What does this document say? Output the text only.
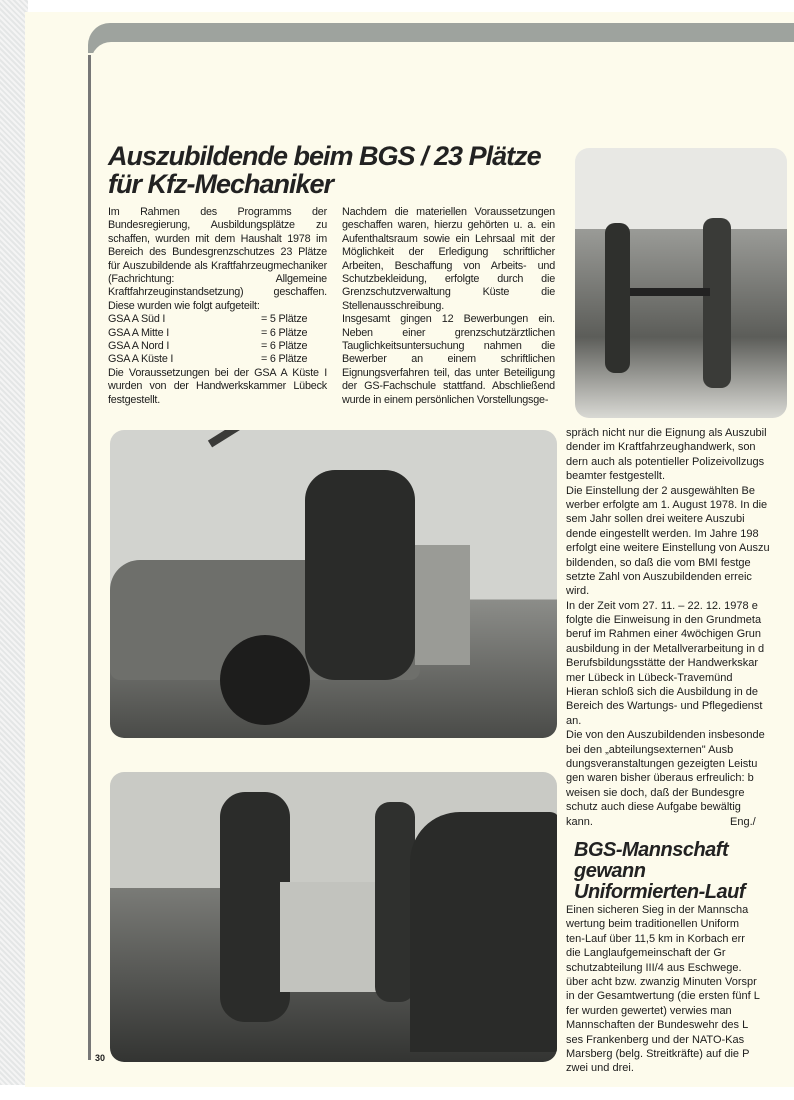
30
Auszubildende beim BGS / 23 Plätze für Kfz-Mechaniker

Im Rahmen des Programms der Bundesregierung, Ausbildungsplätze zu schaffen, wurden mit dem Haushalt 1978 im Bereich des Bundesgrenzschutzes 23 Plätze für Auszubildende als Kraftfahrzeugmechaniker (Fachrichtung: Allgemeine Kraftfahrzeuginstandsetzung) geschaffen. Diese wurden wie folgt aufgeteilt:

GSA A Süd I	= 5 Plätze
GSA A Mitte I	= 6 Plätze
GSA A Nord I	= 6 Plätze
GSA A Küste I	= 6 Plätze

Die Voraussetzungen bei der GSA A Küste I wurden von der Handwerkskammer Lübeck festgestellt.

Nachdem die materiellen Voraussetzungen geschaffen waren, hierzu gehörten u. a. ein Aufenthaltsraum sowie ein Lehrsaal mit der Möglichkeit der Erledigung schriftlicher Arbeiten, Beschaffung von Arbeits- und Schutzbekleidung, erfolgte durch die Grenzschutzverwaltung Küste die Stellenausschreibung.

Insgesamt gingen 12 Bewerbungen ein. Neben einer grenzschutzärztlichen Tauglichkeitsuntersuchung nahmen die Bewerber an einem schriftlichen Eignungsverfahren teil, das unter Beteiligung der GS-Fachschule stattfand. Abschließend wurde in einem persönlichen Vorstellungsge-

spräch nicht nur die Eignung als Auszubil
dender im Kraftfahrzeughandwerk, son
dern auch als potentieller Polizeivollzugs
beamter festgestellt.
Die Einstellung der 2 ausgewählten Be
werber erfolgte am 1. August 1978. In die
sem Jahr sollen drei weitere Auszubi
dende eingestellt werden. Im Jahre 198
erfolgt eine weitere Einstellung von Auszu
bildenden, so daß die vom BMI festge
setzte Zahl von Auszubildenden erreic
wird.
In der Zeit vom 27. 11. – 22. 12. 1978 e
folgte die Einweisung in den Grundmeta
beruf im Rahmen einer 4wöchigen Grun
ausbildung in der Metallverarbeitung in d
Berufsbildungsstätte der Handwerkskar
mer Lübeck in Lübeck-Travemünd
Hieran schloß sich die Ausbildung in de
Bereich des Wartungs- und Pflegedienst
an.
Die von den Auszubildenden insbesonde
bei den „abteilungsexternen" Ausb
dungsveranstaltungen gezeigten Leistu
gen waren bisher überaus erfreulich: b
weisen sie doch, daß der Bundesgre
schutz auch diese Aufgabe bewältig
kann.	Eng./
BGS-Mannschaft
gewann
Uniformierten-Lauf
Einen sicheren Sieg in der Mannscha
wertung beim traditionellen Uniform
ten-Lauf über 11,5 km in Korbach err
die Langlaufgemeinschaft der Gr
schutzabteilung III/4 aus Eschwege.
über acht bzw. zwanzig Minuten Vorspr
in der Gesamtwertung (die ersten fünf L
fer wurden gewertet) verwies man
Mannschaften der Bundeswehr des L
ses Frankenberg und der NATO-Kas
Marsberg (belg. Streitkräfte) auf die P
zwei und drei.
